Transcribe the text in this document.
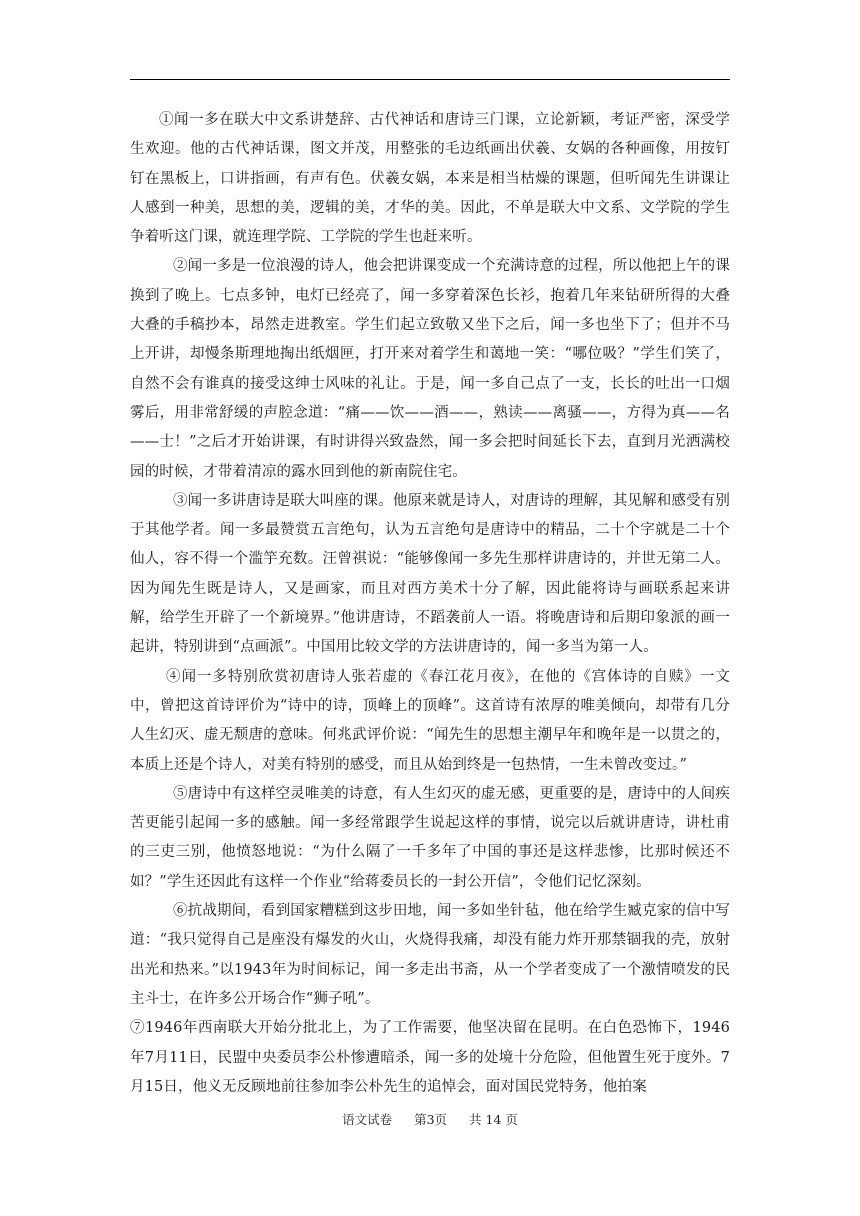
①闻一多在联大中文系讲楚辞、古代神话和唐诗三门课，立论新颖，考证严密，深受学生欢迎。他的古代神话课，图文并茂，用整张的毛边纸画出伏羲、女娲的各种画像，用按钉钉在黑板上，口讲指画，有声有色。伏羲女娲，本来是相当枯燥的课题，但听闻先生讲课让人感到一种美，思想的美，逻辑的美，才华的美。因此，不单是联大中文系、文学院的学生争着听这门课，就连理学院、工学院的学生也赶来听。

②闻一多是一位浪漫的诗人，他会把讲课变成一个充满诗意的过程，所以他把上午的课换到了晚上。七点多钟，电灯已经亮了，闻一多穿着深色长衫，抱着几年来钻研所得的大叠大叠的手稿抄本，昂然走进教室。学生们起立致敬又坐下之后，闻一多也坐下了；但并不马上开讲，却慢条斯理地掏出纸烟匣，打开来对着学生和蔼地一笑：“哪位吸？”学生们笑了，自然不会有谁真的接受这绅士风味的礼让。于是，闻一多自己点了一支，长长的吐出一口烟雾后，用非常舒缓的声腔念道：“痛——饮——酒——，熟读——离骚——，方得为真——名——士！”之后才开始讲课，有时讲得兴致盎然，闻一多会把时间延长下去，直到月光洒满校园的时候，才带着清凉的露水回到他的新南院住宅。

③闻一多讲唐诗是联大叫座的课。他原来就是诗人，对唐诗的理解，其见解和感受有别于其他学者。闻一多最赞赏五言绝句，认为五言绝句是唐诗中的精品，二十个字就是二十个仙人，容不得一个滥竽充数。汪曾祺说：“能够像闻一多先生那样讲唐诗的，并世无第二人。因为闻先生既是诗人，又是画家，而且对西方美术十分了解，因此能将诗与画联系起来讲解，给学生开辟了一个新境界。”他讲唐诗，不蹈袭前人一语。将晚唐诗和后期印象派的画一起讲，特别讲到“点画派”。中国用比较文学的方法讲唐诗的，闻一多当为第一人。

④闻一多特别欣赏初唐诗人张若虚的《春江花月夜》，在他的《宫体诗的自赎》一文中，曾把这首诗评价为“诗中的诗，顶峰上的顶峰”。这首诗有浓厚的唯美倾向，却带有几分人生幻灭、虚无颓唐的意味。何兆武评价说：“闻先生的思想主潮早年和晚年是一以贯之的，本质上还是个诗人，对美有特别的感受，而且从始到终是一包热情，一生未曾改变过。”

⑤唐诗中有这样空灵唯美的诗意，有人生幻灭的虚无感，更重要的是，唐诗中的人间疾苦更能引起闻一多的感触。闻一多经常跟学生说起这样的事情，说完以后就讲唐诗，讲杜甫的三吏三别，他愤怒地说：“为什么隔了一千多年了中国的事还是这样悲惨，比那时候还不如？”学生还因此有这样一个作业“给蒋委员长的一封公开信”，令他们记忆深刻。

⑥抗战期间，看到国家糟糕到这步田地，闻一多如坐针毡，他在给学生臧克家的信中写道：“我只觉得自己是座没有爆发的火山，火烧得我痛，却没有能力炸开那禁锢我的壳，放射出光和热来。”以1943年为时间标记，闻一多走出书斋，从一个学者变成了一个激情喷发的民主斗士，在许多公开场合作“狮子吼”。

⑦1946年西南联大开始分批北上，为了工作需要，他坚决留在昆明。在白色恐怖下，1946年7月11日，民盟中央委员李公朴惨遭暗杀，闻一多的处境十分危险，但他置生死于度外。7月15日，他义无反顾地前往参加李公朴先生的追悼会，面对国民党特务，他拍案

语文试卷 第3页 共 14 页
